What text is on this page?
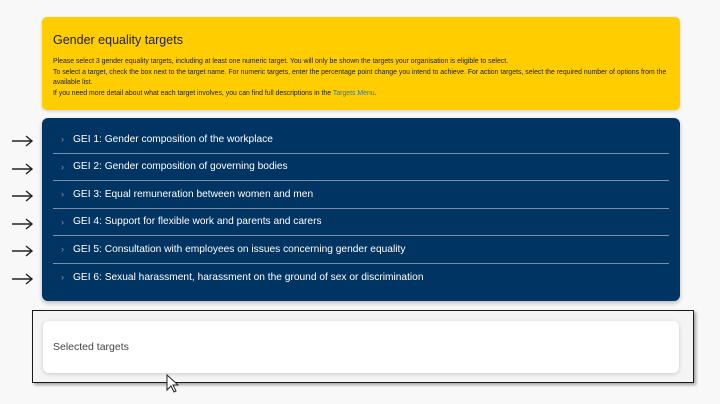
Gender equality targets
Please select 3 gender equality targets, including at least one numeric target. You will only be shown the targets your organisation is eligible to select.
To select a target, check the box next to the target name. For numeric targets, enter the percentage point change you intend to achieve. For action targets, select the required number of options from the available list.
If you need more detail about what each target involves, you can find full descriptions in the Targets Menu.
› GEI 1: Gender composition of the workplace
› GEI 2: Gender composition of governing bodies
› GEI 3: Equal remuneration between women and men
› GEI 4: Support for flexible work and parents and carers
› GEI 5: Consultation with employees on issues concerning gender equality
› GEI 6: Sexual harassment, harassment on the ground of sex or discrimination
Selected targets
